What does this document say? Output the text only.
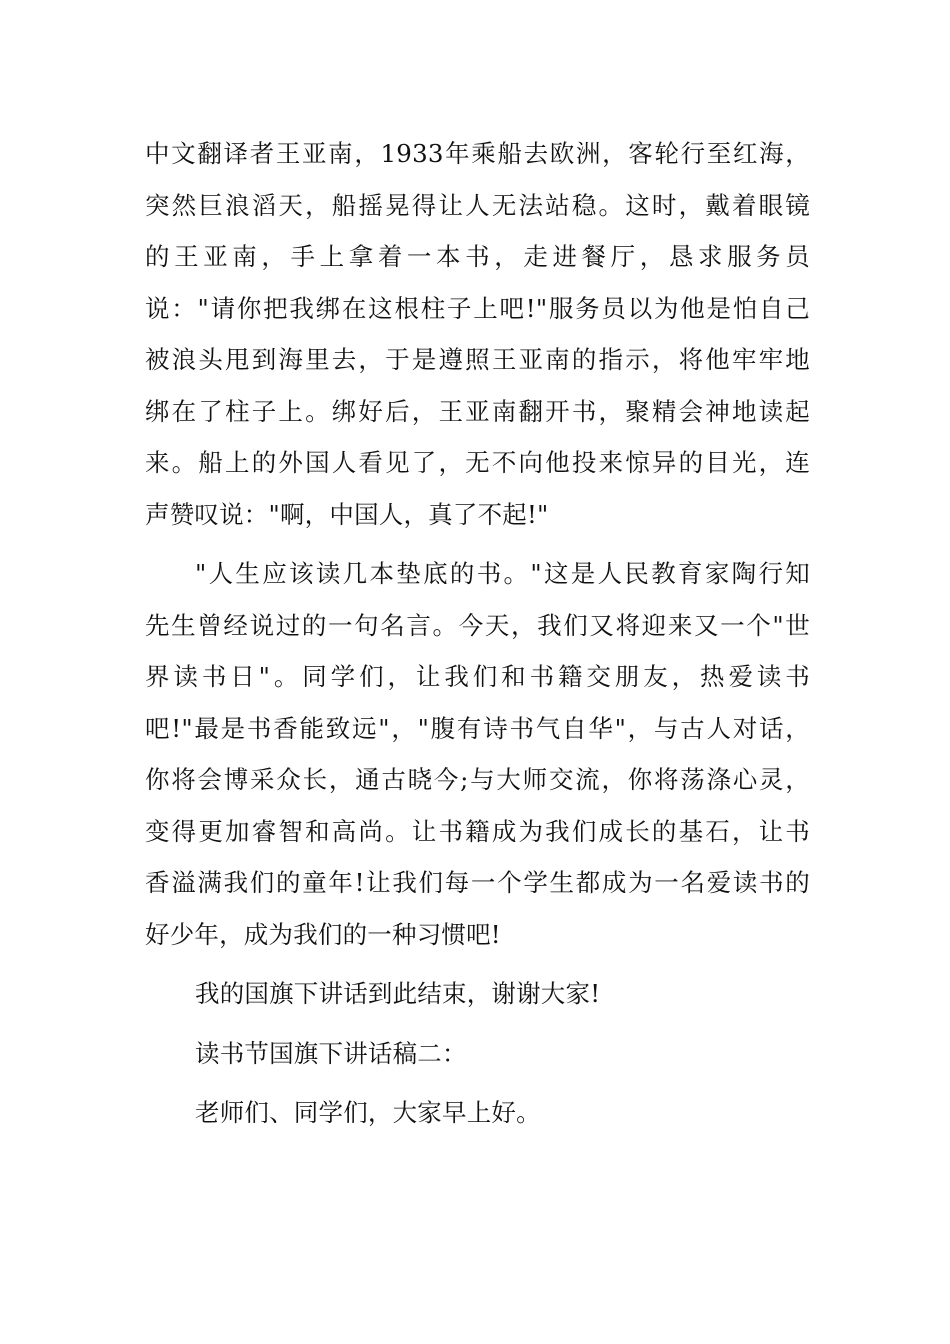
中文翻译者王亚南，1933年乘船去欧洲，客轮行至红海，
突然巨浪滔天，船摇晃得让人无法站稳。这时，戴着眼镜
的王亚南，手上拿着一本书，走进餐厅，恳求服务员
说："请你把我绑在这根柱子上吧!"服务员以为他是怕自己
被浪头甩到海里去，于是遵照王亚南的指示，将他牢牢地
绑在了柱子上。绑好后，王亚南翻开书，聚精会神地读起
来。船上的外国人看见了，无不向他投来惊异的目光，连
声赞叹说："啊，中国人，真了不起!"
"人生应该读几本垫底的书。"这是人民教育家陶行知
先生曾经说过的一句名言。今天，我们又将迎来又一个"世
界读书日"。同学们，让我们和书籍交朋友，热爱读书
吧!"最是书香能致远"，"腹有诗书气自华"，与古人对话，
你将会博采众长，通古晓今;与大师交流，你将荡涤心灵，
变得更加睿智和高尚。让书籍成为我们成长的基石，让书
香溢满我们的童年!让我们每一个学生都成为一名爱读书的
好少年，成为我们的一种习惯吧!
我的国旗下讲话到此结束，谢谢大家!
读书节国旗下讲话稿二：
老师们、同学们，大家早上好。
